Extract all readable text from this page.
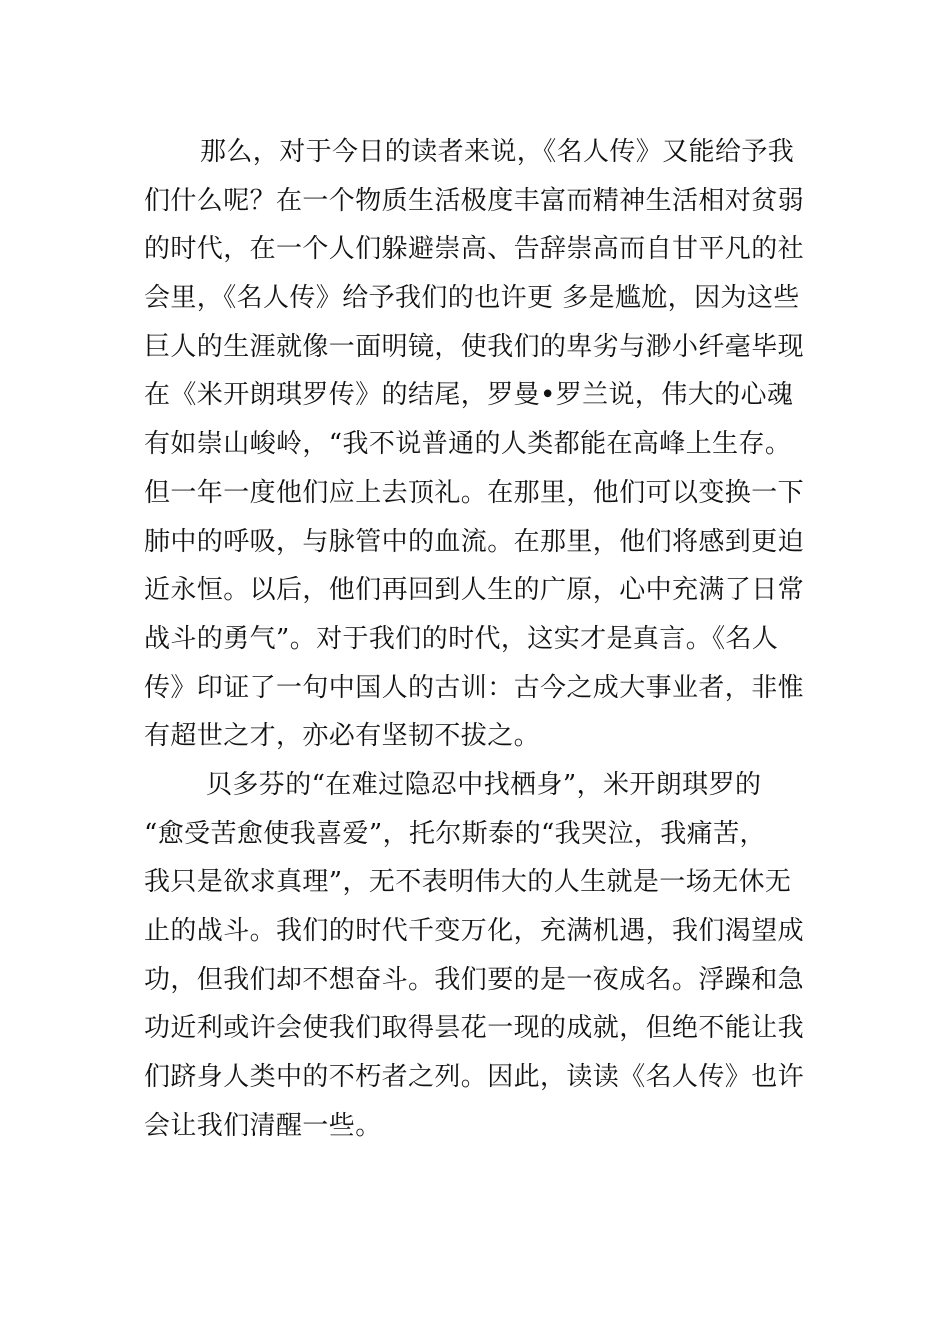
那么，对于今日的读者来说，《名人传》又能给予我
们什么呢？在一个物质生活极度丰富而精神生活相对贫弱
的时代，在一个人们躲避崇高、告辞崇高而自甘平凡的社
会里，《名人传》给予我们的也许更 多是尴尬，因为这些
巨人的生涯就像一面明镜，使我们的卑劣与渺小纤毫毕现
在《米开朗琪罗传》的结尾，罗曼•罗兰说，伟大的心魂
有如崇山峻岭，“我不说普通的人类都能在高峰上生存。
但一年一度他们应上去顶礼。在那里，他们可以变换一下
肺中的呼吸，与脉管中的血流。在那里，他们将感到更迫
近永恒。以后，他们再回到人生的广原，心中充满了日常
战斗的勇气”。对于我们的时代，这实才是真言。《名人
传》印证了一句中国人的古训：古今之成大事业者，非惟
有超世之才，亦必有坚韧不拔之。
贝多芬的“在难过隐忍中找栖身”，米开朗琪罗的
“愈受苦愈使我喜爱”，托尔斯泰的“我哭泣，我痛苦，
我只是欲求真理”，无不表明伟大的人生就是一场无休无
止的战斗。我们的时代千变万化，充满机遇，我们渴望成
功，但我们却不想奋斗。我们要的是一夜成名。浮躁和急
功近利或许会使我们取得昙花一现的成就，但绝不能让我
们跻身人类中的不朽者之列。因此，读读《名人传》也许
会让我们清醒一些。
